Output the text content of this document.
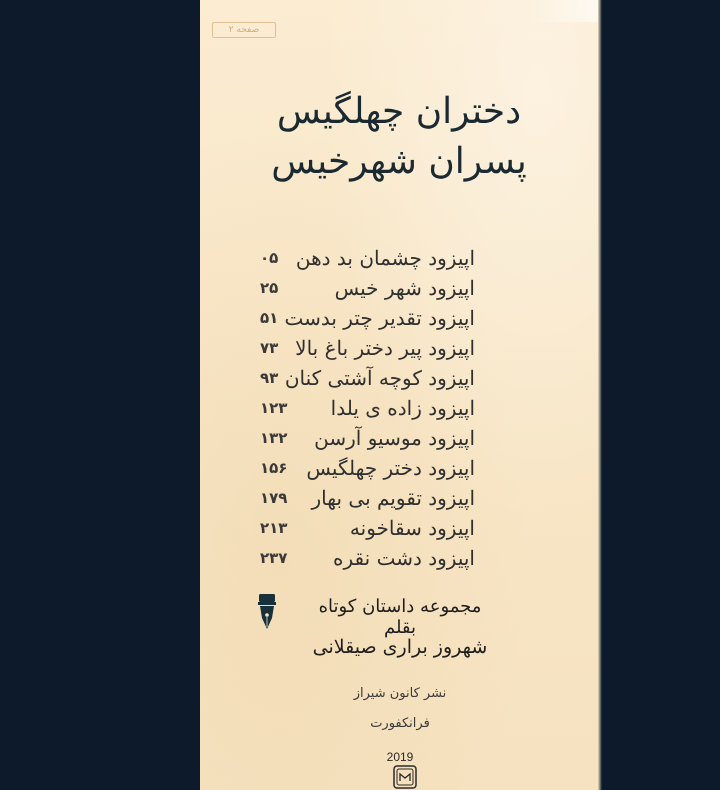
صفحه ۲
دختران چهلگیس
پسران شهرخیس
۰۵ اپیزود چشمان بد دهن
۲۵	اپیزود شهر خیس
۵۱ اپیزود تقدیر چتر بدست
۷۳ اپیزود پیر دختر باغ بالا
۹۳ اپیزود کوچه آشتی کنان
۱۲۳ اپیزود زاده ی یلدا
۱۳۲ اپیزود موسیو آرسن
۱۵۶ اپیزود دختر چهلگیس
۱۷۹ اپیزود تقویم بی بهار
۲۱۳	اپیزود سقاخونه
۲۳۷ اپیزود دشت نقره
مجموعه داستان کوتاه بقلم
شهروز براری صیقلانی
نشر کانون شیراز
فرانکفورت
2019
